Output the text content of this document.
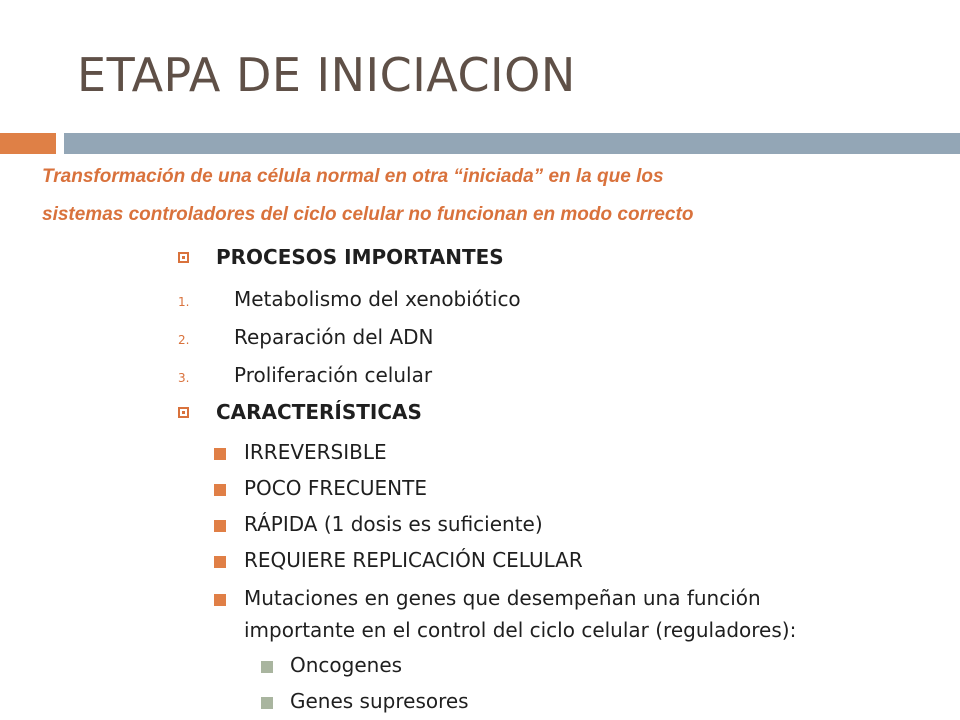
ETAPA DE INICIACION
Transformación de una célula normal en otra “iniciada” en la que los
sistemas controladores del ciclo celular no funcionan en modo correcto
PROCESOS IMPORTANTES
1. Metabolismo del xenobiótico
2. Reparación del ADN
3. Proliferación celular
CARACTERÍSTICAS
IRREVERSIBLE
POCO FRECUENTE
RÁPIDA (1 dosis es suficiente)
REQUIERE REPLICACIÓN CELULAR
Mutaciones en genes que desempeñan una función
importante en el control del ciclo celular (reguladores):
Oncogenes
Genes supresores
